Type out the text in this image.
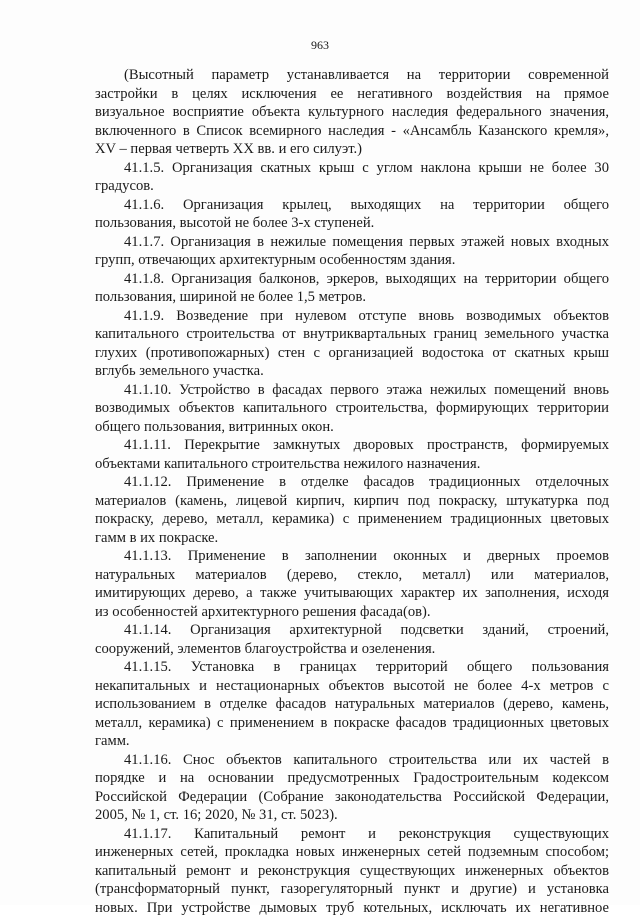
963

(Высотный параметр устанавливается на территории современной
застройки в целях исключения ее негативного воздействия на прямое
визуальное восприятие объекта культурного наследия федерального значения,
включенного в Список всемирного наследия - «Ансамбль Казанского кремля»,
XV – первая четверть XX вв. и его силуэт.)

41.1.5. Организация скатных крыш с углом наклона крыши не более 30
градусов.

41.1.6. Организация крылец, выходящих на территории общего
пользования, высотой не более 3-х ступеней.

41.1.7. Организация в нежилые помещения первых этажей новых входных
групп, отвечающих архитектурным особенностям здания.

41.1.8. Организация балконов, эркеров, выходящих на территории общего
пользования, шириной не более 1,5 метров.

41.1.9. Возведение при нулевом отступе вновь возводимых объектов
капитального строительства от внутриквартальных границ земельного участка
глухих (противопожарных) стен с организацией водостока от скатных крыш
вглубь земельного участка.

41.1.10. Устройство в фасадах первого этажа нежилых помещений вновь
возводимых объектов капитального строительства, формирующих территории
общего пользования, витринных окон.

41.1.11. Перекрытие замкнутых дворовых пространств, формируемых
объектами капитального строительства нежилого назначения.

41.1.12. Применение в отделке фасадов традиционных отделочных
материалов (камень, лицевой кирпич, кирпич под покраску, штукатурка под
покраску, дерево, металл, керамика) с применением традиционных цветовых
гамм в их покраске.

41.1.13. Применение в заполнении оконных и дверных проемов
натуральных материалов (дерево, стекло, металл) или материалов,
имитирующих дерево, а также учитывающих характер их заполнения, исходя
из особенностей архитектурного решения фасада(ов).

41.1.14. Организация архитектурной подсветки зданий, строений,
сооружений, элементов благоустройства и озеленения.

41.1.15. Установка в границах территорий общего пользования
некапитальных и нестационарных объектов высотой не более 4-х метров с
использованием в отделке фасадов натуральных материалов (дерево, камень,
металл, керамика) с применением в покраске фасадов традиционных цветовых
гамм.

41.1.16. Снос объектов капитального строительства или их частей в
порядке и на основании предусмотренных Градостроительным кодексом
Российской Федерации (Собрание законодательства Российской Федерации,
2005, № 1, ст. 16; 2020, № 31, ст. 5023).

41.1.17. Капитальный ремонт и реконструкция существующих
инженерных сетей, прокладка новых инженерных сетей подземным способом;
капитальный ремонт и реконструкция существующих инженерных объектов
(трансформаторный пункт, газорегуляторный пункт и другие) и установка
новых. При устройстве дымовых труб котельных, исключать их негативное
